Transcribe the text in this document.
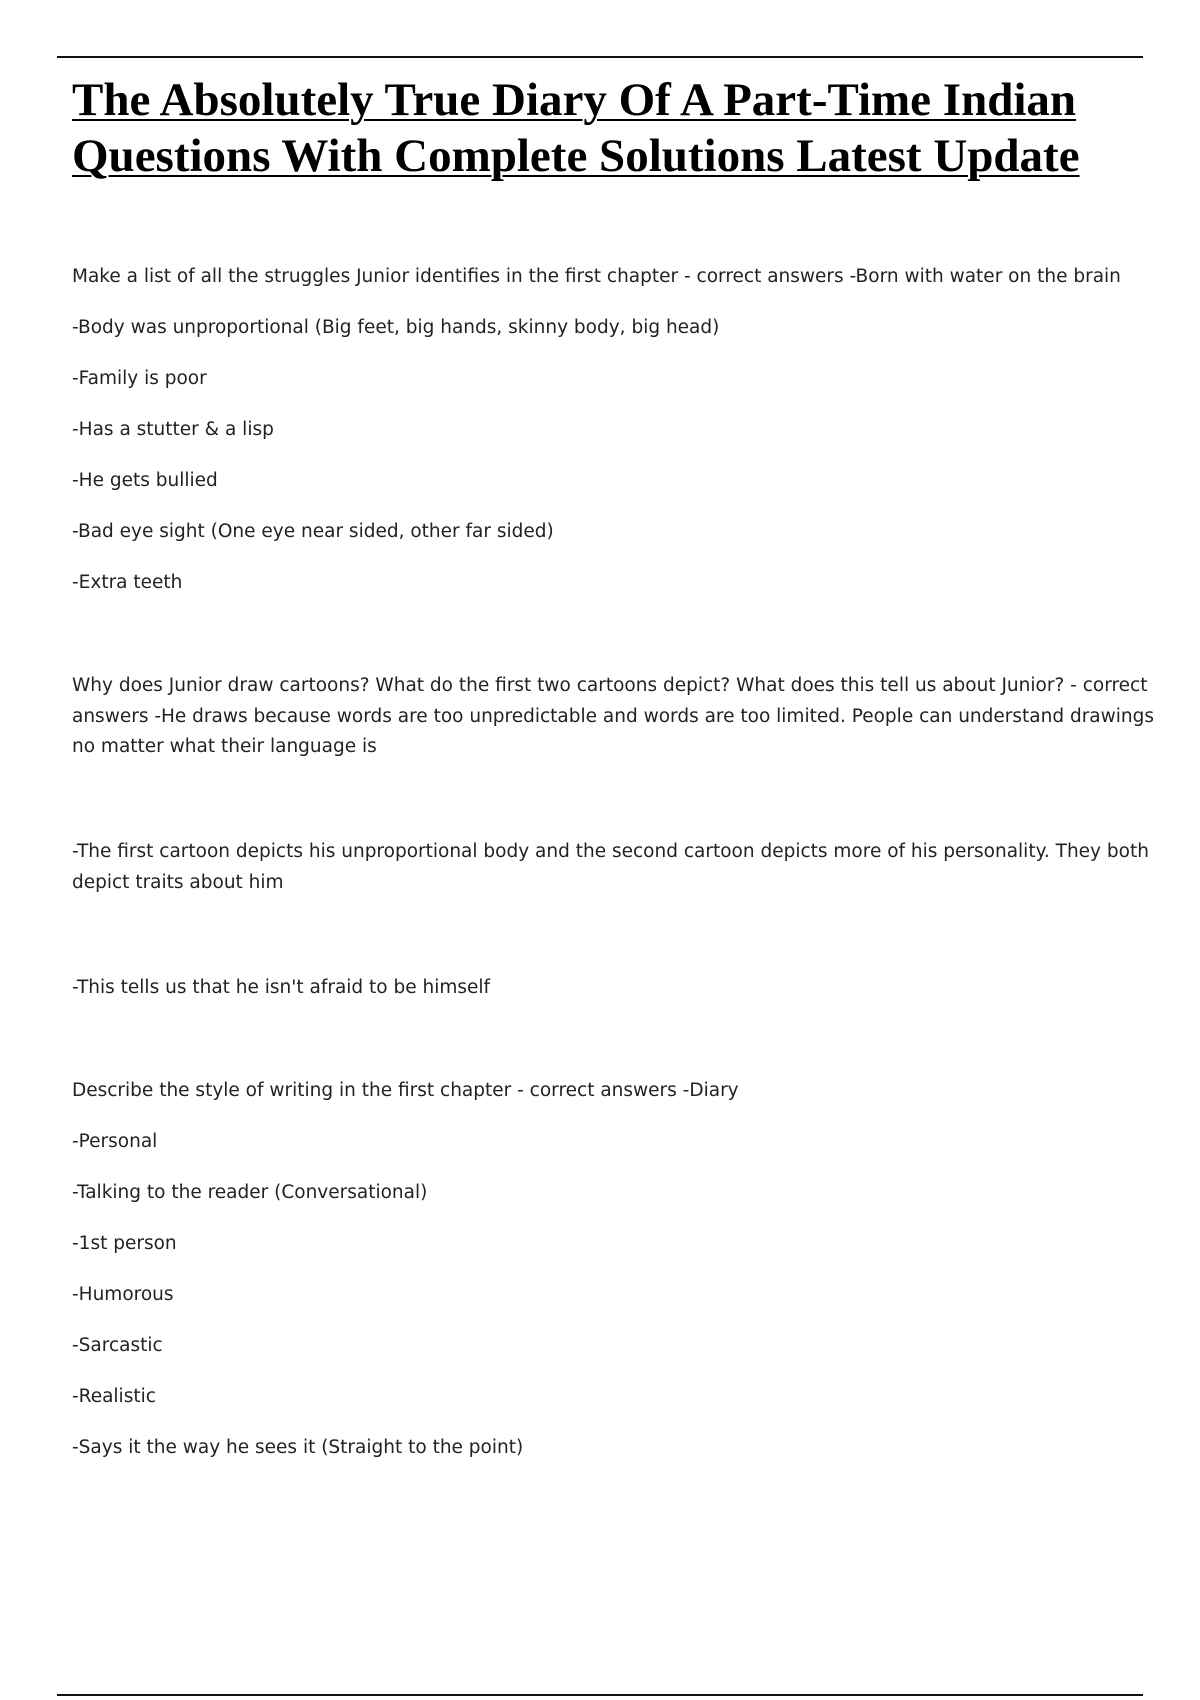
The Absolutely True Diary Of A Part-Time Indian
Questions With Complete Solutions Latest Update
Make a list of all the struggles Junior identifies in the first chapter - correct answers -Born with water on the brain
-Body was unproportional (Big feet, big hands, skinny body, big head)
-Family is poor
-Has a stutter & a lisp
-He gets bullied
-Bad eye sight (One eye near sided, other far sided)
-Extra teeth
Why does Junior draw cartoons? What do the first two cartoons depict? What does this tell us about Junior? - correct answers -He draws because words are too unpredictable and words are too limited. People can understand drawings no matter what their language is
-The first cartoon depicts his unproportional body and the second cartoon depicts more of his personality. They both depict traits about him
-This tells us that he isn't afraid to be himself
Describe the style of writing in the first chapter - correct answers -Diary
-Personal
-Talking to the reader (Conversational)
-1st person
-Humorous
-Sarcastic
-Realistic
-Says it the way he sees it (Straight to the point)
